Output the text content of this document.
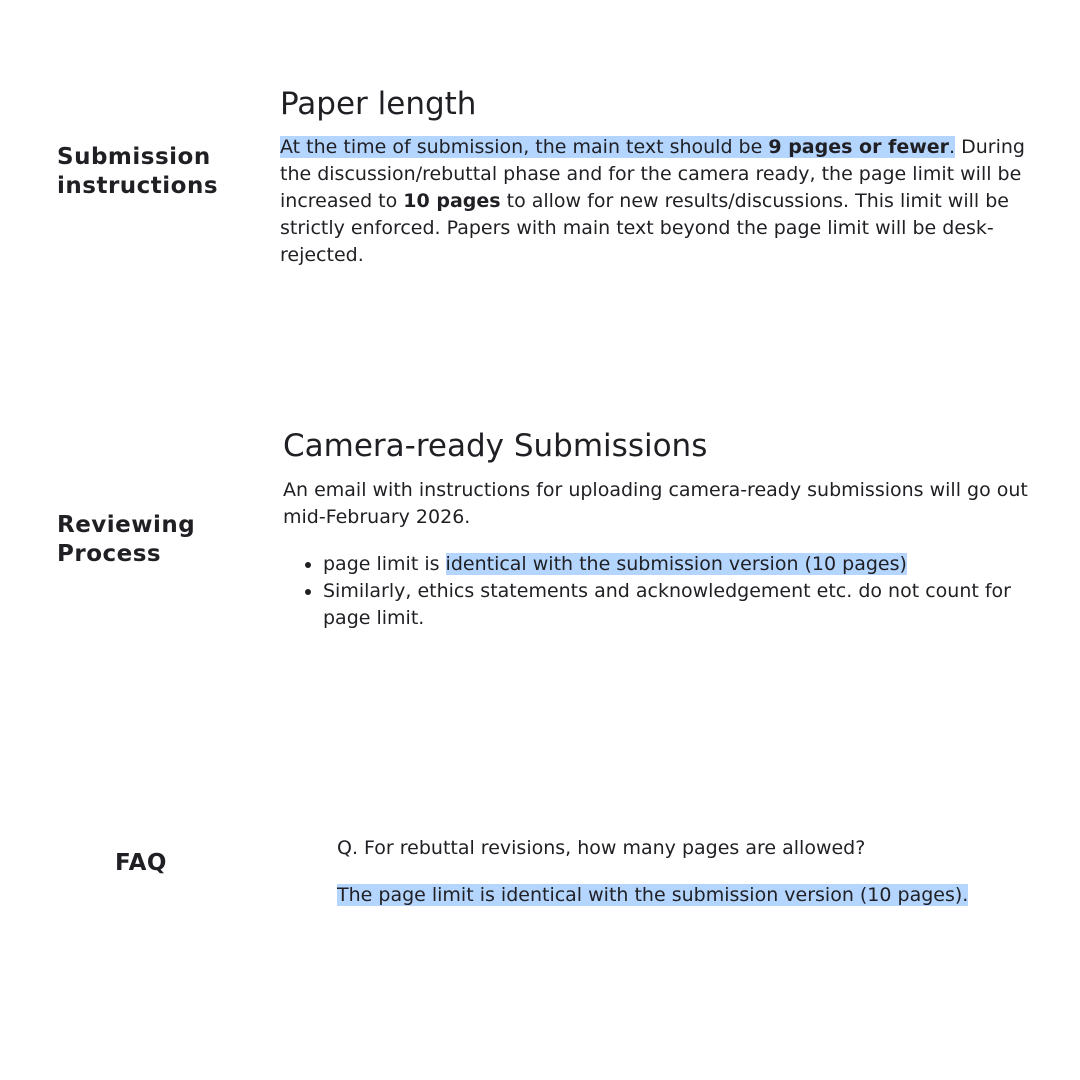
Submission
instructions
Reviewing
Process
FAQ
Paper length

At the time of submission, the main text should be 9 pages or fewer. During the discussion/rebuttal phase and for the camera ready, the page limit will be increased to 10 pages to allow for new results/discussions. This limit will be strictly enforced. Papers with main text beyond the page limit will be desk-rejected.

Camera-ready Submissions

An email with instructions for uploading camera-ready submissions will go out mid-February 2026.

• page limit is identical with the submission version (10 pages)
• Similarly, ethics statements and acknowledgement etc. do not count for page limit.

Q. For rebuttal revisions, how many pages are allowed?

The page limit is identical with the submission version (10 pages).
